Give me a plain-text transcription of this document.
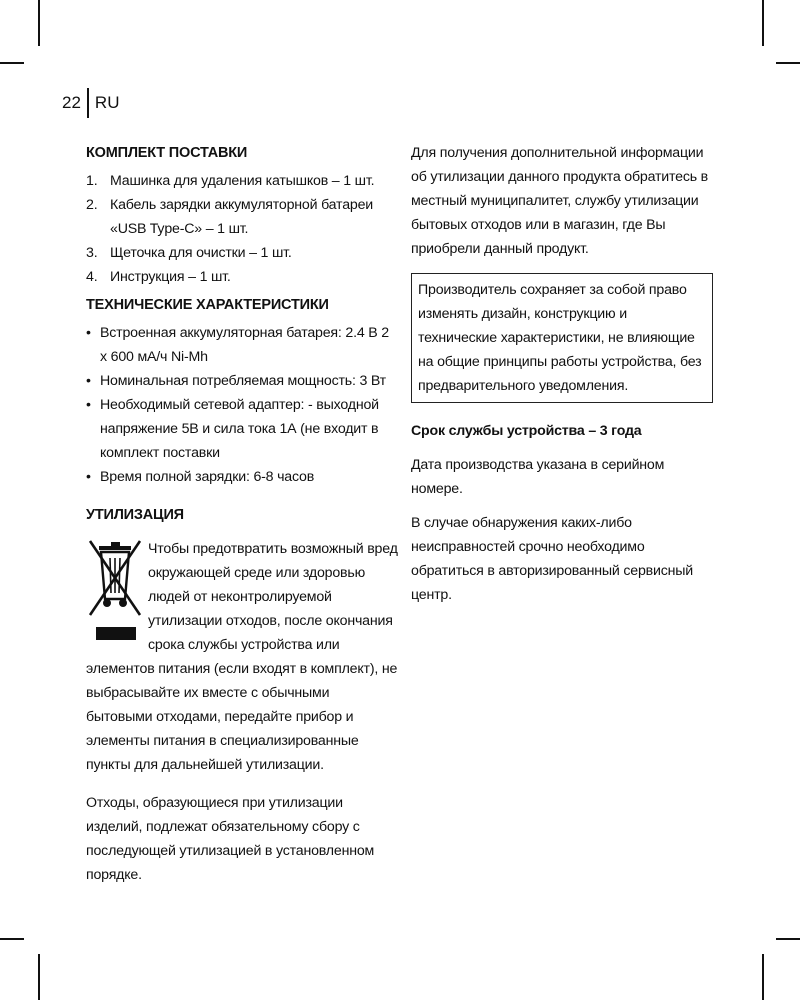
22 RU
КОМПЛЕКТ ПОСТАВКИ
1. Машинка для удаления катышков – 1 шт.
2. Кабель зарядки аккумуляторной батареи «USB Type-C» – 1 шт.
3. Щеточка для очистки – 1 шт.
4. Инструкция – 1 шт.
ТЕХНИЧЕСКИЕ ХАРАКТЕРИСТИКИ
• Встроенная аккумуляторная батарея: 2.4 В 2 х 600 мА/ч Ni-Mh
• Номинальная потребляемая мощность: 3 Вт
• Необходимый сетевой адаптер: - выходной напряжение 5В и сила тока 1А (не входит в комплект поставки
• Время полной зарядки: 6-8 часов
УТИЛИЗАЦИЯ

Чтобы предотвратить возможный вред окружающей среде или здоровью людей от неконтролируемой утилизации отходов, после окончания срока службы устройства или элементов питания (если входят в комплект), не выбрасывайте их вместе с обычными бытовыми отходами, передайте прибор и элементы питания в специализированные пункты для дальнейшей утилизации.

Отходы, образующиеся при утилизации изделий, подлежат обязательному сбору с последующей утилизацией в установленном порядке.

Для получения дополнительной информации об утилизации данного продукта обратитесь в местный муниципалитет, службу утилизации бытовых отходов или в магазин, где Вы приобрели данный продукт.

Производитель сохраняет за собой право изменять дизайн, конструкцию и технические характеристики, не влияющие на общие принципы работы устройства, без предварительного уведомления.

Срок службы устройства – 3 года

Дата производства указана в серийном номере.

В случае обнаружения каких-либо неисправностей срочно необходимо обратиться в авторизированный сервисный центр.
